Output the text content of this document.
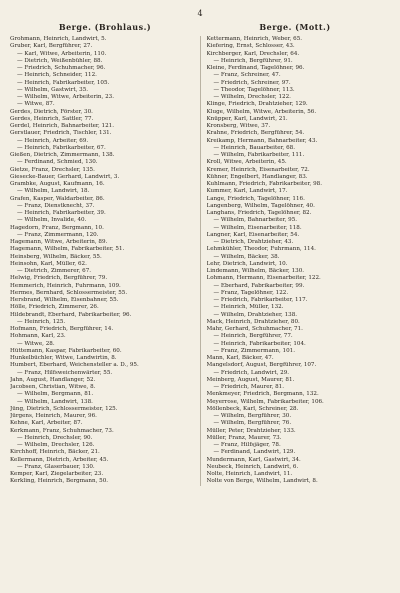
4
Berge. (Brohlaus.)	Berge. (Mott.)
Grohmann, Heinrich, Landwirt, 5.
Gruber, Karl, Bergführer, 27.
— Karl, Witwe, Arbeiterin, 110.
— Dietrich, Weißenbühler, 88.
— Friedrich, Schuhmacher, 96.
— Heinrich, Schneider, 112.
— Heinrich, Fabrikarbeiter, 105.
— Wilhelm, Gastwirt, 35.
— Wilhelm, Witwe, Arbeiterin, 23.
— Witwe, 87.
Gerdes, Dietrich, Förster, 30.
Gerdes, Heinrich, Sattler, 77.
Gerdel, Heinrich, Bahnarbeiter, 121.
Gerstlauer, Friedrich, Tischler, 131.
— Heinrich, Arbeiter, 69.
— Heinrich, Fabrikarbeiter, 67.
Gießen, Dietrich, Zimmermann, 138.
— Ferdinand, Schmied, 130.
Gietze, Franz, Drechsler, 135.
Giesecke-Bauer, Gerhard, Landwirt, 3.
Grambke, August, Kaufmann, 16.
— Wilhelm, Landwirt, 18.
Grafen, Kasper, Waldarbeiter, 86.
— Franz, Dienstknecht, 37.
— Heinrich, Fabrikarbeiter, 39.
— Wilhelm, Invalide, 40.
Hagedorn, Franz, Bergmann, 10.
— Franz, Zimmermann, 120.
Hagemann, Witwe, Arbeiterin, 89.
Hagemann, Wilhelm, Fabrikarbeiter, 51.
Heinsberg, Wilhelm, Bäcker, 55.
Heinsohn, Karl, Müller, 62.
— Dietrich, Zimmerer, 67.
Helwig, Friedrich, Bergführer, 79.
Hemmerich, Heinrich, Fuhrmann, 109.
Hermes, Bernhard, Schlossermeister, 55.
Hersbrand, Wilhelm, Eisenbahner, 55.
Hölle, Friedrich, Zimmerer, 26.
Hildebrandt, Eberhard, Fabrikarbeiter, 96.
— Heinrich, 125.
Hofmann, Friedrich, Bergführer, 14.
Hohmann, Karl, 23.
— Witwe, 28.
Hüttemann, Kaspar, Fabrikarbeiter, 60.
Hunkelbüchler, Witwe, Landwirtin, 8.
Humbert, Eberhard, Weichensteller a. D., 95.
— Franz, Hilfsweichenwärter, 55.
Jahn, August, Handlanger, 52.
Jacobsen, Christian, Witwe, 8.
— Wilhelm, Bergmann, 81.
— Wilhelm, Landwirt, 138.
Jüng, Dietrich, Schlossermeister, 125.
Jürgens, Heinrich, Maurer, 96.
Kehne, Karl, Arbeiter, 87.
Kerkmann, Franz, Schuhmacher, 73.
— Heinrich, Drechsler, 90.
— Wilhelm, Drechsler, 126.
Kirchhoff, Heinrich, Bäcker, 21.
Kellermann, Dietrich, Arbeiter, 45.
— Franz, Glaserbauer, 130.
Kemper, Karl, Ziegelarbeiter, 23.
Kerkling, Heinrich, Bergmann, 50.
Kettermann, Heinrich, Weber, 65.
Kiefering, Ernst, Schlosser, 43.
Kirchberger, Karl, Drechsler, 64.
— Heinrich, Bergführer, 91.
Kleine, Ferdinand, Tagelöhner, 96.
— Franz, Schreiner, 47.
— Friedrich, Schreiner, 97.
— Theodor, Tagelöhner, 113.
— Wilhelm, Drechsler, 122.
Klinge, Friedrich, Drahtzieher, 129.
Kluge, Wilhelm, Witwe, Arbeiterin, 56.
Knüpper, Karl, Landwirt, 21.
Kronsberg, Witwe, 37.
Krahne, Friedrich, Bergführer, 54.
Kreikamp, Hermann, Bahnarbeiter, 43.
— Heinrich, Bauarbeiter, 68.
— Wilhelm, Fabrikarbeiter, 111.
Kroll, Witwe, Arbeiterin, 45.
Kremer, Heinrich, Eisenarbeiter, 72.
Kühner, Engelbert, Handlanger, 83.
Kuhlmann, Friedrich, Fabrikarbeiter, 98.
Kummer, Karl, Landwirt, 17.
Lange, Friedrich, Tagelöhner, 116.
Langenberg, Wilhelm, Tagelöhner, 40.
Langhans, Friedrich, Tagelöhner, 82.
— Wilhelm, Bahnarbeiter, 95.
— Wilhelm, Eisenarbeiter, 118.
Langner, Karl, Eisenarbeiter, 54.
— Dietrich, Drahtzieher, 43.
Lehmkühler, Theodor, Fuhrmann, 114.
— Wilhelm, Bäcker, 38.
Lehr, Dietrich, Landwirt, 10.
Lindemann, Wilhelm, Bäcker, 130.
Lohmann, Hermann, Eisenarbeiter, 122.
— Eberhard, Fabrikarbeiter, 99.
— Franz, Tagelöhner, 122.
— Friedrich, Fabrikarbeiter, 117.
— Heinrich, Müller, 132.
— Wilhelm, Drahtzieher, 138.
Mack, Heinrich, Drahtzieher, 80.
Mahr, Gerhard, Schuhmacher, 71.
— Heinrich, Bergführer, 77.
— Heinrich, Fabrikarbeiter, 104.
— Franz, Zimmermann, 101.
Mann, Karl, Bäcker, 47.
Mangelsdorf, August, Bergführer, 107.
— Friedrich, Landwirt, 29.
Meinberg, August, Maurer, 81.
— Friedrich, Maurer, 81.
Menkmeyer, Friedrich, Bergmann, 132.
Meyerrose, Wilhelm, Fabrikarbeiter, 106.
Möllenbeck, Karl, Schreiner, 28.
— Wilhelm, Bergführer, 30.
— Wilhelm, Bergführer, 76.
Müller, Peter, Drahtzieher, 133.
Müller, Franz, Maurer, 73.
— Franz, Hilfsjäger, 78.
— Ferdinand, Landwirt, 129.
Mundermann, Karl, Gastwirt, 34.
Neubeck, Heinrich, Landwirt, 6.
Nolte, Heinrich, Landwirt, 11.
Nolte von Berge, Wilhelm, Landwirt, 8.
